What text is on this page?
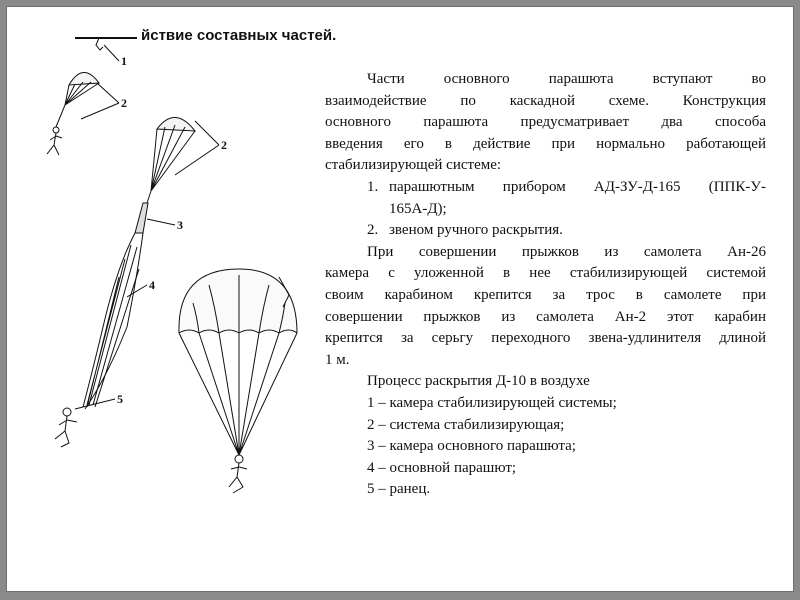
йствие составных частей.
1
2
2
3
4
5

Части основного парашюта вступают во

взаимодействие по каскадной схеме. Конструкция

основного парашюта предусматривает два способа

введения его в действие при нормально работающей

стабилизирующей системе:

1. парашютным прибором АД-ЗУ-Д-165 (ППК-У-

165А-Д);

2. звеном ручного раскрытия.

При совершении прыжков из самолета Ан-26

камера с уложенной в нее стабилизирующей системой

своим карабином крепится за трос в самолете при

совершении прыжков из самолета Ан-2 этот карабин

крепится за серьгу переходного звена-удлинителя длиной

1 м.

Процесс раскрытия Д-10 в воздухе

1 – камера стабилизирующей системы;

2 – система стабилизирующая;

3 – камера основного парашюта;

4 – основной парашют;

5 – ранец.
